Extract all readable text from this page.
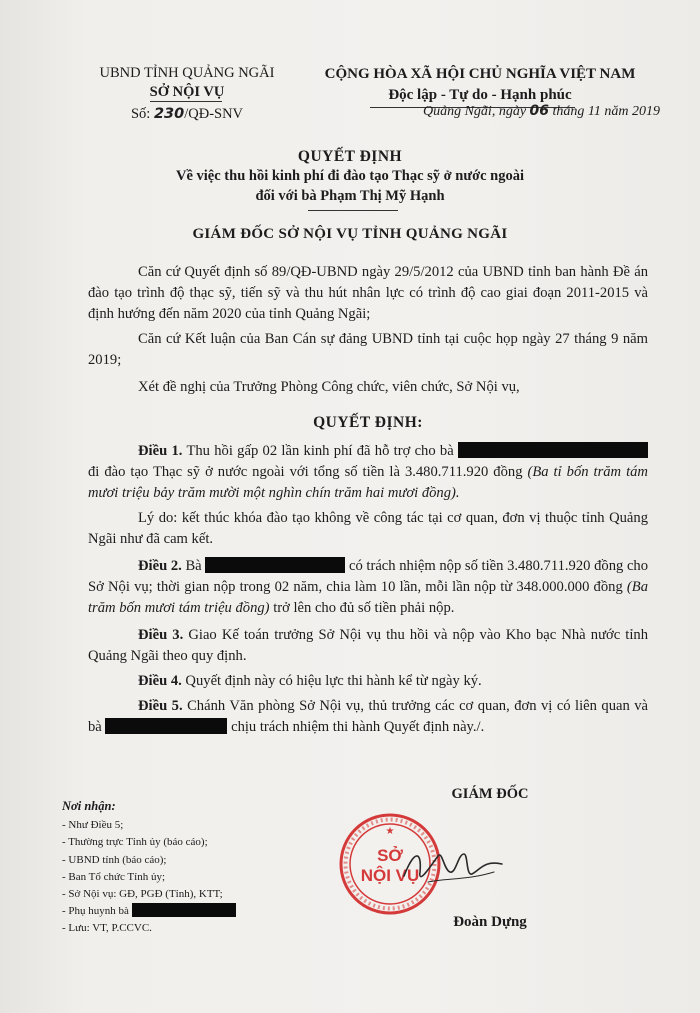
UBND TỈNH QUẢNG NGÃI
SỞ NỘI VỤ
Số: 230/QĐ-SNV
CỘNG HÒA XÃ HỘI CHỦ NGHĨA VIỆT NAM
Độc lập - Tự do - Hạnh phúc
Quảng Ngãi, ngày 06 tháng 11 năm 2019
QUYẾT ĐỊNH
Về việc thu hồi kinh phí đi đào tạo Thạc sỹ ở nước ngoài
đối với bà Phạm Thị Mỹ Hạnh
GIÁM ĐỐC SỞ NỘI VỤ TỈNH QUẢNG NGÃI

Căn cứ Quyết định số 89/QĐ-UBND ngày 29/5/2012 của UBND tỉnh ban hành Đề án đào tạo trình độ thạc sỹ, tiến sỹ và thu hút nhân lực có trình độ cao giai đoạn 2011-2015 và định hướng đến năm 2020 của tỉnh Quảng Ngãi;

Căn cứ Kết luận của Ban Cán sự đảng UBND tỉnh tại cuộc họp ngày 27 tháng 9 năm 2019;

Xét đề nghị của Trưởng Phòng Công chức, viên chức, Sở Nội vụ,

QUYẾT ĐỊNH:

Điều 1. Thu hồi gấp 02 lần kinh phí đã hỗ trợ cho bà  đi đào tạo Thạc sỹ ở nước ngoài với tổng số tiền là 3.480.711.920 đồng (Ba tỉ bốn trăm tám mươi triệu bảy trăm mười một nghìn chín trăm hai mươi đồng).

Lý do: kết thúc khóa đào tạo không về công tác tại cơ quan, đơn vị thuộc tỉnh Quảng Ngãi như đã cam kết.

Điều 2. Bà	có trách nhiệm nộp số tiền 3.480.711.920 đồng cho Sở Nội vụ; thời gian nộp trong 02 năm, chia làm 10 lần, mỗi lần nộp từ 348.000.000 đồng (Ba trăm bốn mươi tám triệu đồng) trở lên cho đủ số tiền phải nộp.

Điều 3. Giao Kế toán trưởng Sở Nội vụ thu hồi và nộp vào Kho bạc Nhà nước tỉnh Quảng Ngãi theo quy định.

Điều 4. Quyết định này có hiệu lực thi hành kể từ ngày ký.

Điều 5. Chánh Văn phòng Sở Nội vụ, thủ trưởng các cơ quan, đơn vị có liên quan và bà	chịu trách nhiệm thi hành Quyết định này./.

Nơi nhận:
- Như Điều 5;
- Thường trực Tỉnh ủy (báo cáo);
- UBND tỉnh (báo cáo);
- Ban Tổ chức Tỉnh ủy;
- Sở Nội vụ: GĐ, PGĐ (Tỉnh), KTT;
- Phụ huynh bà
- Lưu: VT, P.CCVC.
GIÁM ĐỐC
SỞ
NỘI VỤ
★
Đoàn Dựng
